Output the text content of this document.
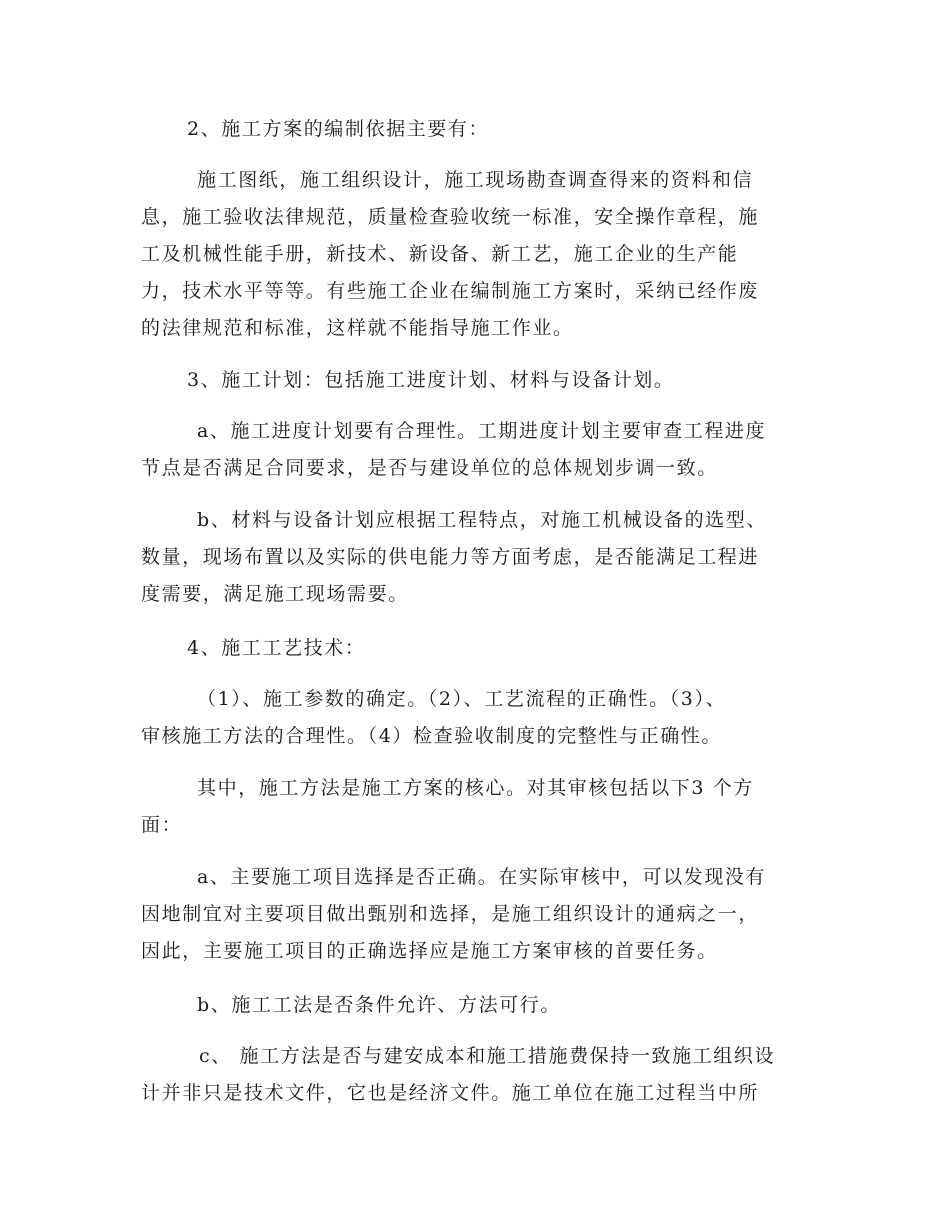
2、施工方案的编制依据主要有：

施工图纸，施工组织设计，施工现场勘查调查得来的资料和信
息，施工验收法律规范，质量检查验收统一标准，安全操作章程，施
工及机械性能手册，新技术、新设备、新工艺，施工企业的生产能
力，技术水平等等。有些施工企业在编制施工方案时，采纳已经作废
的法律规范和标准，这样就不能指导施工作业。

3、施工计划：包括施工进度计划、材料与设备计划。

a、施工进度计划要有合理性。工期进度计划主要审查工程进度
节点是否满足合同要求，是否与建设单位的总体规划步调一致。

b、材料与设备计划应根据工程特点，对施工机械设备的选型、
数量，现场布置以及实际的供电能力等方面考虑，是否能满足工程进
度需要，满足施工现场需要。

4、施工工艺技术：

（1）、施工参数的确定。（2）、工艺流程的正确性。（3）、
审核施工方法的合理性。（4）检查验收制度的完整性与正确性。

其中，施工方法是施工方案的核心。对其审核包括以下3 个方
面：

a、主要施工项目选择是否正确。在实际审核中，可以发现没有
因地制宜对主要项目做出甄别和选择，是施工组织设计的通病之一，
因此，主要施工项目的正确选择应是施工方案审核的首要任务。

b、施工工法是否条件允许、方法可行。

c、 施工方法是否与建安成本和施工措施费保持一致施工组织设
计并非只是技术文件，它也是经济文件。施工单位在施工过程当中所
